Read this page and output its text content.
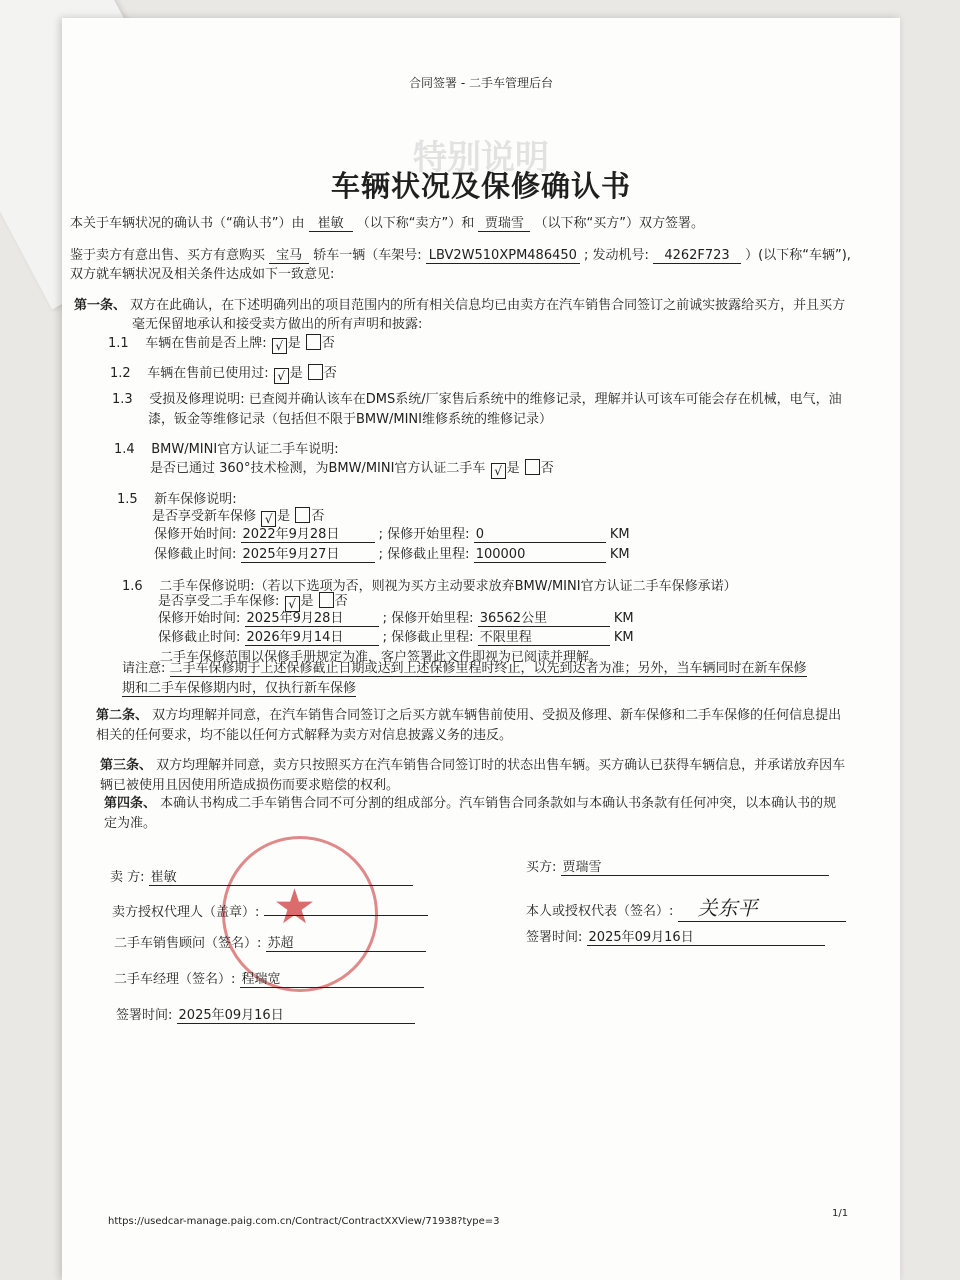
合同签署 - 二手车管理后台
特别说明
车辆状况及保修确认书
本关于车辆状况的确认书（“确认书”）由 崔敏 （以下称“卖方”）和 贾瑞雪 （以下称“买方”）双方签署。
鉴于卖方有意出售、买方有意购买 宝马 轿车一辆（车架号: LBV2W510XPM486450 ; 发动机号: 4262F723 ）(以下称“车辆”),
双方就车辆状况及相关条件达成如下一致意见:
第一条、 双方在此确认，在下述明确列出的项目范围内的所有相关信息均已由卖方在汽车销售合同签订之前诚实披露给买方，并且买方
毫无保留地承认和接受卖方做出的所有声明和披露:
1.1 车辆在售前是否上牌: √ 是 否
1.2 车辆在售前已使用过: √ 是 否
1.3 受损及修理说明: 已查阅并确认该车在DMS系统/厂家售后系统中的维修记录，理解并认可该车可能会存在机械，电气，油
漆，钣金等维修记录（包括但不限于BMW/MINI维修系统的维修记录）
1.4 BMW/MINI官方认证二手车说明:
是否已通过 360°技术检测，为BMW/MINI官方认证二手车 √ 是 否
1.5 新车保修说明:
是否享受新车保修 √ 是 否
保修开始时间: 2022年9月28日	; 保修开始里程: 0	KM
保修截止时间: 2025年9月27日	; 保修截止里程: 100000	KM
1.6 二手车保修说明:（若以下选项为否，则视为买方主动要求放弃BMW/MINI官方认证二手车保修承诺）
是否享受二手车保修: √ 是 否
保修开始时间: 2025年9月28日	; 保修开始里程: 36562公里	KM
保修截止时间: 2026年9月14日	; 保修截止里程: 不限里程	KM
二手车保修范围以保修手册规定为准，客户签署此文件即视为已阅读并理解。
请注意: 二手车保修期于上述保修截止日期或达到上述保修里程时终止，以先到达者为准；另外，当车辆同时在新车保修期和二手车保修期内时，仅执行新车保修
第二条、 双方均理解并同意，在汽车销售合同签订之后买方就车辆售前使用、受损及修理、新车保修和二手车保修的任何信息提出相关的任何要求，均不能以任何方式解释为卖方对信息披露义务的违反。
第三条、 双方均理解并同意，卖方只按照买方在汽车销售合同签订时的状态出售车辆。买方确认已获得车辆信息，并承诺放弃因车辆已被使用且因使用所造成损伤而要求赔偿的权利。
第四条、 本确认书构成二手车销售合同不可分割的组成部分。汽车销售合同条款如与本确认书条款有任何冲突，以本确认书的规定为准。
★
卖 方: 崔敏
卖方授权代理人（盖章）:
二手车销售顾问（签名）: 苏超
二手车经理（签名）: 程瑞宽
签署时间: 2025年09月16日
买方: 贾瑞雪
本人或授权代表（签名）: 关东平
签署时间: 2025年09月16日
https://usedcar-manage.paig.com.cn/Contract/ContractXXView/71938?type=3
1/1
